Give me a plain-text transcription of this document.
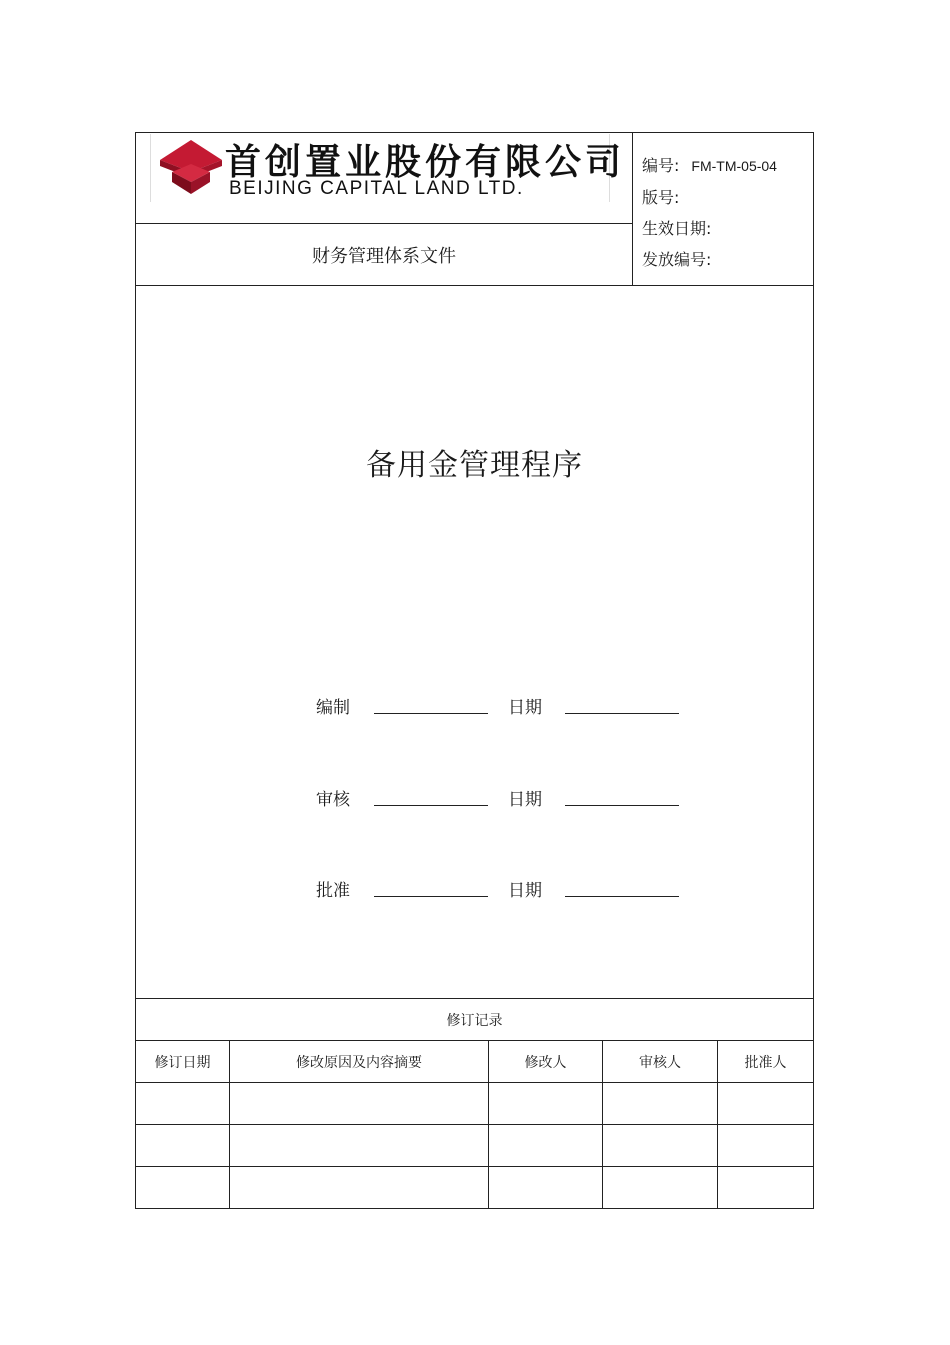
首创置业股份有限公司
BEIJING CAPITAL LAND LTD.
编号: FM-TM-05-04
版号:
生效日期:
发放编号:
财务管理体系文件
备用金管理程序
编制	日期
审核	日期
批准	日期
修订记录
修订日期	修改原因及内容摘要	修改人	审核人	批准人
